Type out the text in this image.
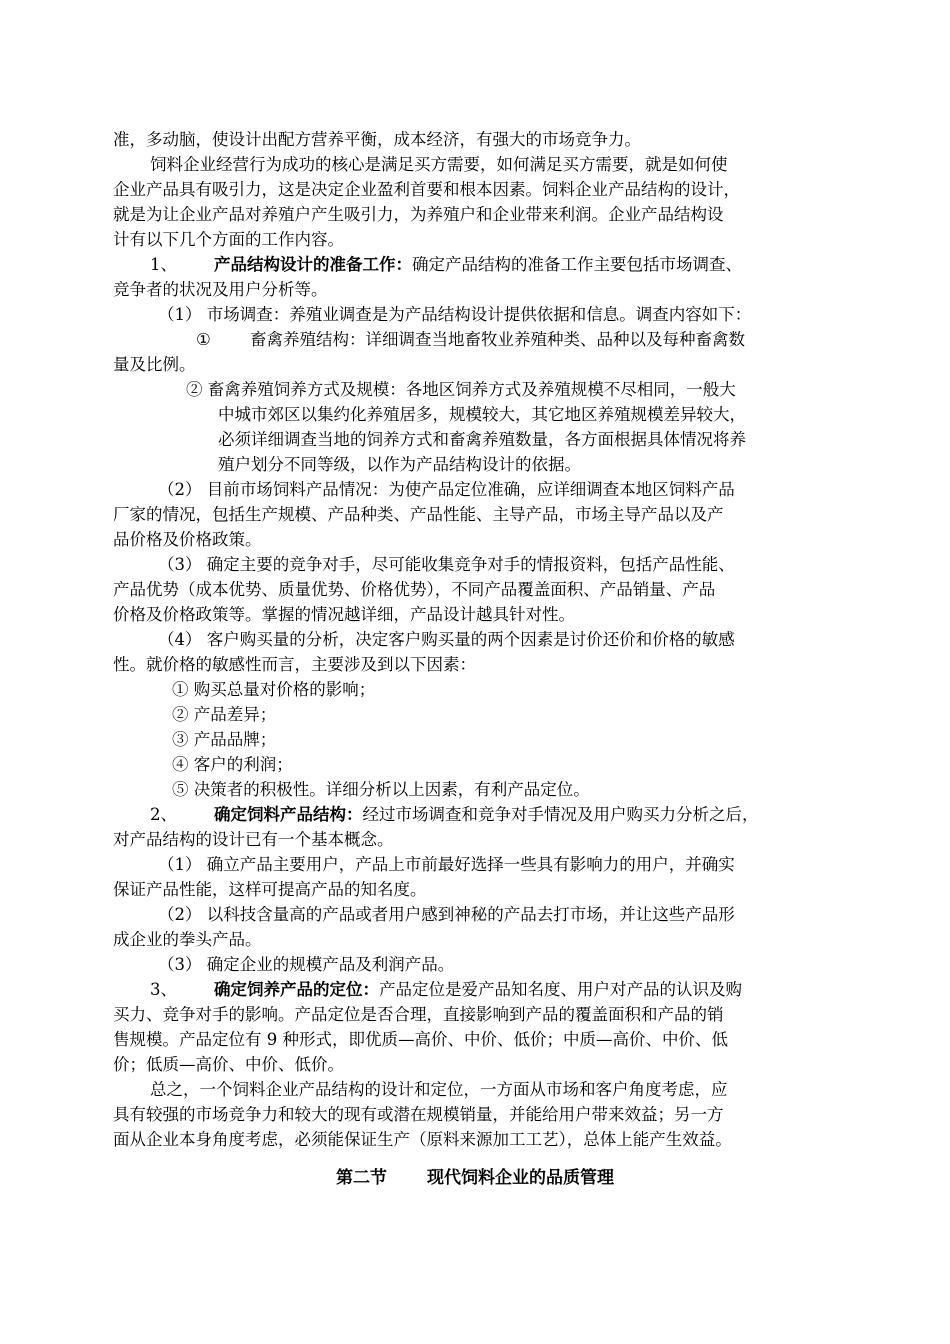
准，多动脑，使设计出配方营养平衡，成本经济，有强大的市场竞争力。
饲料企业经营行为成功的核心是满足买方需要，如何满足买方需要，就是如何使
企业产品具有吸引力，这是决定企业盈利首要和根本因素。饲料企业产品结构的设计，
就是为让企业产品对养殖户产生吸引力，为养殖户和企业带来利润。企业产品结构设
计有以下几个方面的工作内容。
1、 产品结构设计的准备工作：确定产品结构的准备工作主要包括市场调查、
竞争者的状况及用户分析等。
（1） 市场调查：养殖业调查是为产品结构设计提供依据和信息。调查内容如下：
① 畜禽养殖结构：详细调查当地畜牧业养殖种类、品种以及每种畜禽数
量及比例。
② 畜禽养殖饲养方式及规模：各地区饲养方式及养殖规模不尽相同，一般大
中城市郊区以集约化养殖居多，规模较大，其它地区养殖规模差异较大，
必须详细调查当地的饲养方式和畜禽养殖数量，各方面根据具体情况将养
殖户划分不同等级，以作为产品结构设计的依据。
（2） 目前市场饲料产品情况：为使产品定位准确，应详细调查本地区饲料产品
厂家的情况，包括生产规模、产品种类、产品性能、主导产品，市场主导产品以及产
品价格及价格政策。
（3） 确定主要的竞争对手，尽可能收集竞争对手的情报资料，包括产品性能、
产品优势（成本优势、质量优势、价格优势），不同产品覆盖面积、产品销量、产品
价格及价格政策等。掌握的情况越详细，产品设计越具针对性。
（4） 客户购买量的分析，决定客户购买量的两个因素是讨价还价和价格的敏感
性。就价格的敏感性而言，主要涉及到以下因素：
① 购买总量对价格的影响；
② 产品差异；
③ 产品品牌；
④ 客户的利润；
⑤ 决策者的积极性。详细分析以上因素，有利产品定位。
2、 确定饲料产品结构：经过市场调查和竞争对手情况及用户购买力分析之后，
对产品结构的设计已有一个基本概念。
（1） 确立产品主要用户，产品上市前最好选择一些具有影响力的用户，并确实
保证产品性能，这样可提高产品的知名度。
（2） 以科技含量高的产品或者用户感到神秘的产品去打市场，并让这些产品形
成企业的拳头产品。
（3） 确定企业的规模产品及利润产品。
3、 确定饲养产品的定位：产品定位是爱产品知名度、用户对产品的认识及购
买力、竞争对手的影响。产品定位是否合理，直接影响到产品的覆盖面积和产品的销
售规模。产品定位有 9 种形式，即优质—高价、中价、低价；中质—高价、中价、低
价；低质—高价、中价、低价。
总之，一个饲料企业产品结构的设计和定位，一方面从市场和客户角度考虑，应
具有较强的市场竞争力和较大的现有或潜在规模销量，并能给用户带来效益；另一方
面从企业本身角度考虑，必须能保证生产（原料来源加工工艺），总体上能产生效益。
第二节 现代饲料企业的品质管理
